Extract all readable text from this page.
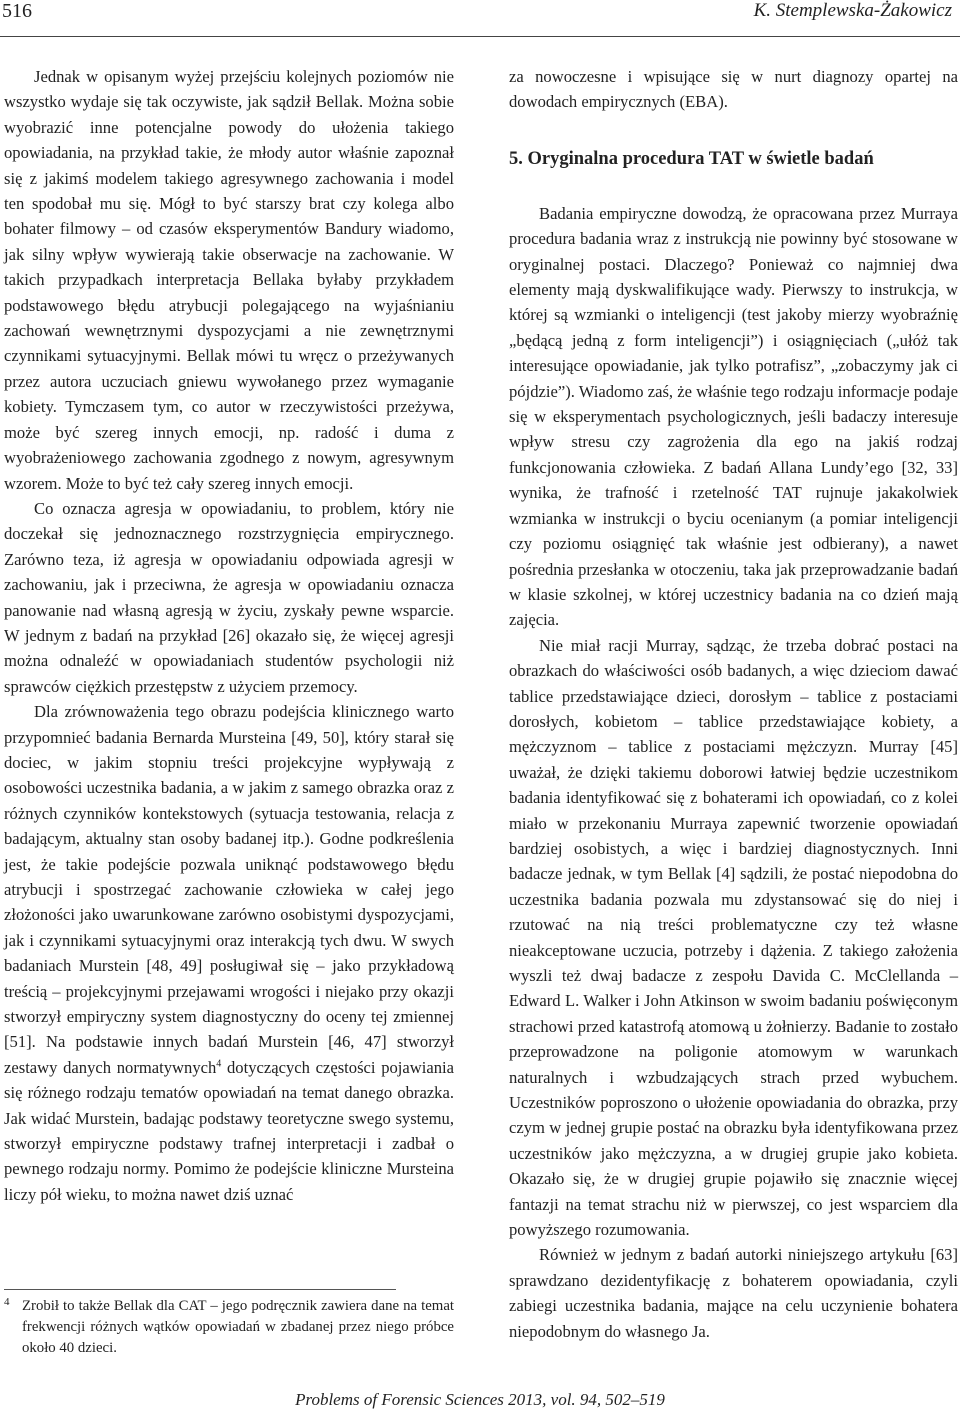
516	K. Stemplewska-Żakowicz

Jednak w opisanym wyżej przejściu kolejnych poziomów nie wszystko wydaje się tak oczywiste, jak sądził Bellak. Można sobie wyobrazić inne potencjalne powody do ułożenia takiego opowiadania, na przykład takie, że młody autor właśnie zapoznał się z jakimś modelem takiego agresywnego zachowania i model ten spodobał mu się. Mógł to być starszy brat czy kolega albo bohater filmowy – od czasów eksperymentów Bandury wiadomo, jak silny wpływ wywierają takie obserwacje na zachowanie. W takich przypadkach interpretacja Bellaka byłaby przykładem podstawowego błędu atrybucji polegającego na wyjaśnianiu zachowań wewnętrznymi dyspozycjami a nie zewnętrznymi czynnikami sytuacyjnymi. Bellak mówi tu wręcz o przeżywanych przez autora uczuciach gniewu wywołanego przez wymaganie kobiety. Tymczasem tym, co autor w rzeczywistości przeżywa, może być szereg innych emocji, np. radość i duma z wyobrażeniowego zachowania zgodnego z nowym, agresywnym wzorem. Może to być też cały szereg innych emocji.

Co oznacza agresja w opowiadaniu, to problem, który nie doczekał się jednoznacznego rozstrzygnięcia empirycznego. Zarówno teza, iż agresja w opowiadaniu odpowiada agresji w zachowaniu, jak i przeciwna, że agresja w opowiadaniu oznacza panowanie nad własną agresją w życiu, zyskały pewne wsparcie. W jednym z badań na przykład [26] okazało się, że więcej agresji można odnaleźć w opowiadaniach studentów psychologii niż sprawców ciężkich przestępstw z użyciem przemocy.

Dla zrównoważenia tego obrazu podejścia klinicznego warto przypomnieć badania Bernarda Mursteina [49, 50], który starał się dociec, w jakim stopniu treści projekcyjne wypływają z osobowości uczestnika badania, a w jakim z samego obrazka oraz z różnych czynników kontekstowych (sytuacja testowania, relacja z badającym, aktualny stan osoby badanej itp.). Godne podkreślenia jest, że takie podejście pozwala uniknąć podstawowego błędu atrybucji i spostrzegać zachowanie człowieka w całej jego złożoności jako uwarunkowane zarówno osobistymi dyspozycjami, jak i czynnikami sytuacyjnymi oraz interakcją tych dwu. W swych badaniach Murstein [48, 49] posługiwał się – jako przykładową treścią – projekcyjnymi przejawami wrogości i niejako przy okazji stworzył empiryczny system diagnostyczny do oceny tej zmiennej [51]. Na podstawie innych badań Murstein [46, 47] stworzył zestawy danych normatywnych$^4$ dotyczących częstości pojawiania się różnego rodzaju tematów opowiadań na temat danego obrazka. Jak widać Murstein, badając podstawy teoretyczne swego systemu, stworzył empiryczne podstawy trafnej interpretacji i zadbał o pewnego rodzaju normy. Pomimo że podejście kliniczne Mursteina liczy pół wieku, to można nawet dziś uznać

4 Zrobił to także Bellak dla CAT – jego podręcznik zawiera dane na temat frekwencji różnych wątków opowiadań w zbadanej przez niego próbce około 40 dzieci.

za nowoczesne i wpisujące się w nurt diagnozy opartej na dowodach empirycznych (EBA).

5. Oryginalna procedura TAT w świetle badań

Badania empiryczne dowodzą, że opracowana przez Murraya procedura badania wraz z instrukcją nie powinny być stosowane w oryginalnej postaci. Dlaczego? Ponieważ co najmniej dwa elementy mają dyskwalifikujące wady. Pierwszy to instrukcja, w której są wzmianki o inteligencji (test jakoby mierzy wyobraźnię „będącą jedną z form inteligencji”) i osiągnięciach („ułóż tak interesujące opowiadanie, jak tylko potrafisz”, „zobaczymy jak ci pójdzie”). Wiadomo zaś, że właśnie tego rodzaju informacje podaje się w eksperymentach psychologicznych, jeśli badaczy interesuje wpływ stresu czy zagrożenia dla ego na jakiś rodzaj funkcjonowania człowieka. Z badań Allana Lundy’ego [32, 33] wynika, że trafność i rzetelność TAT rujnuje jakakolwiek wzmianka w instrukcji o byciu ocenianym (a pomiar inteligencji czy poziomu osiągnięć tak właśnie jest odbierany), a nawet pośrednia przesłanka w otoczeniu, taka jak przeprowadzanie badań w klasie szkolnej, w której uczestnicy badania na co dzień mają zajęcia.

Nie miał racji Murray, sądząc, że trzeba dobrać postaci na obrazkach do właściwości osób badanych, a więc dzieciom dawać tablice przedstawiające dzieci, dorosłym – tablice z postaciami dorosłych, kobietom – tablice przedstawiające kobiety, a mężczyznom – tablice z postaciami mężczyzn. Murray [45] uważał, że dzięki takiemu doborowi łatwiej będzie uczestnikom badania identyfikować się z bohaterami ich opowiadań, co z kolei miało w przekonaniu Murraya zapewnić tworzenie opowiadań bardziej osobistych, a więc i bardziej diagnostycznych. Inni badacze jednak, w tym Bellak [4] sądzili, że postać niepodobna do uczestnika badania pozwala mu zdystansować się do niej i rzutować na nią treści problematyczne czy też własne nieakceptowane uczucia, potrzeby i dążenia. Z takiego założenia wyszli też dwaj badacze z zespołu Davida C. McClellanda – Edward L. Walker i John Atkinson w swoim badaniu poświęconym strachowi przed katastrofą atomową u żołnierzy. Badanie to zostało przeprowadzone na poligonie atomowym w warunkach naturalnych i wzbudzających strach przed wybuchem. Uczestników poproszono o ułożenie opowiadania do obrazka, przy czym w jednej grupie postać na obrazku była identyfikowana przez uczestników jako mężczyzna, a w drugiej grupie jako kobieta. Okazało się, że w drugiej grupie pojawiło się znacznie więcej fantazji na temat strachu niż w pierwszej, co jest wsparciem dla powyższego rozumowania.

Również w jednym z badań autorki niniejszego artykułu [63] sprawdzano dezidentyfikację z bohaterem opowiadania, czyli zabiegi uczestnika badania, mające na celu uczynienie bohatera niepodobnym do własnego Ja.

Problems of Forensic Sciences 2013, vol. 94, 502–519
